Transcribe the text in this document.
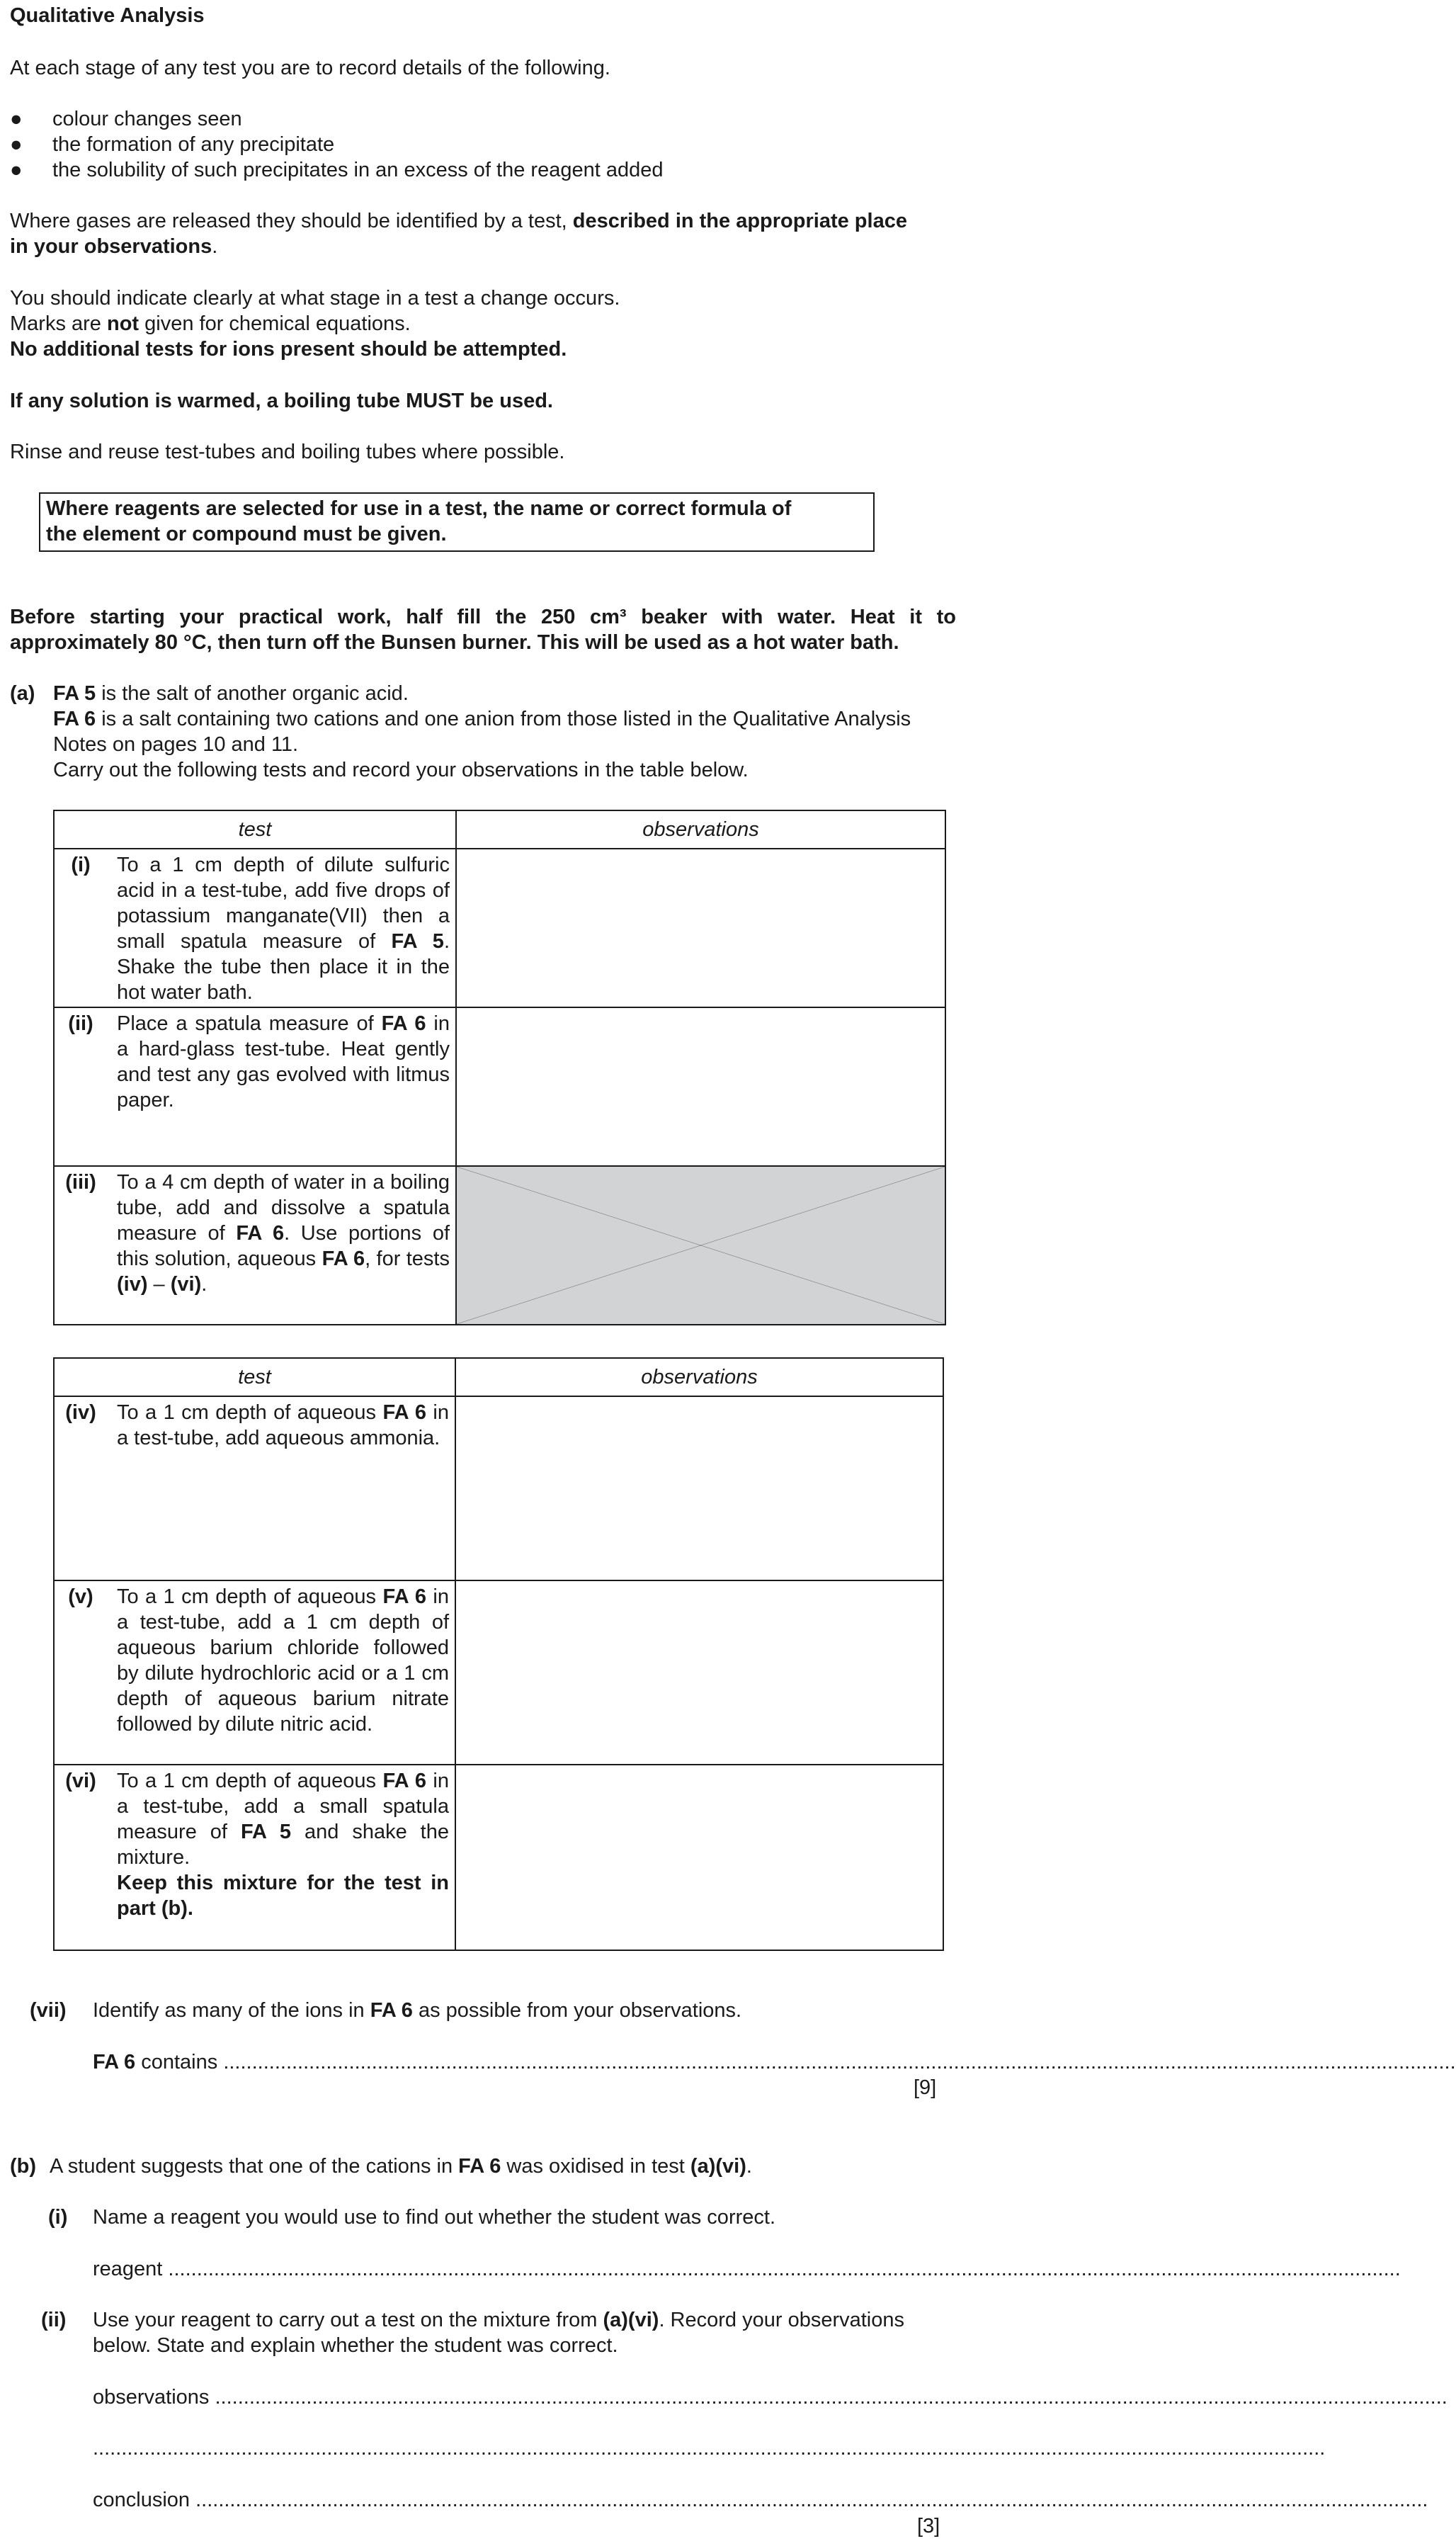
Qualitative Analysis
At each stage of any test you are to record details of the following.
● colour changes seen
● the formation of any precipitate
● the solubility of such precipitates in an excess of the reagent added
Where gases are released they should be identified by a test, described in the appropriate place
in your observations.
You should indicate clearly at what stage in a test a change occurs.
Marks are not given for chemical equations.
No additional tests for ions present should be attempted.
If any solution is warmed, a boiling tube MUST be used.
Rinse and reuse test-tubes and boiling tubes where possible.
Where reagents are selected for use in a test, the name or correct formula of
the element or compound must be given.
Before starting your practical work, half fill the 250 cm³ beaker with water. Heat it to
approximately 80 °C, then turn off the Bunsen burner. This will be used as a hot water bath.
(a) FA 5 is the salt of another organic acid.
FA 6 is a salt containing two cations and one anion from those listed in the Qualitative Analysis
Notes on pages 10 and 11.
Carry out the following tests and record your observations in the table below.
test	observations

(i) To a 1 cm depth of dilute sulfuric acid in a test-tube, add five drops of potassium manganate(VII) then a small spatula measure of FA 5. Shake the tube then place it in the hot water bath.	

(ii) Place a spatula measure of FA 6 in a hard-glass test-tube. Heat gently and test any gas evolved with litmus paper.	

(iii) To a 4 cm depth of water in a boiling tube, add and dissolve a spatula measure of FA 6. Use portions of this solution, aqueous FA 6, for tests (iv) – (vi).

test	observations

(iv) To a 1 cm depth of aqueous FA 6 in a test-tube, add aqueous ammonia.	

(v) To a 1 cm depth of aqueous FA 6 in a test-tube, add a 1 cm depth of aqueous barium chloride followed by dilute hydrochloric acid or a 1 cm depth of aqueous barium nitrate followed by dilute nitric acid.	

(vi) To a 1 cm depth of aqueous FA 6 in a test-tube, add a small spatula measure of FA 5 and shake the mixture.
Keep this mixture for the test in part (b).	

(vii) Identify as many of the ions in FA 6 as possible from your observations.
FA 6 contains ........................................................................................................................................................................................................................
[9]
(b) A student suggests that one of the cations in FA 6 was oxidised in test (a)(vi).
(i) Name a reagent you would use to find out whether the student was correct.
reagent ........................................................................................................................................................................................................................
(ii) Use your reagent to carry out a test on the mixture from (a)(vi). Record your observations
below. State and explain whether the student was correct.
observations ........................................................................................................................................................................................................................
........................................................................................................................................................................................................................
conclusion ........................................................................................................................................................................................................................
[3]
